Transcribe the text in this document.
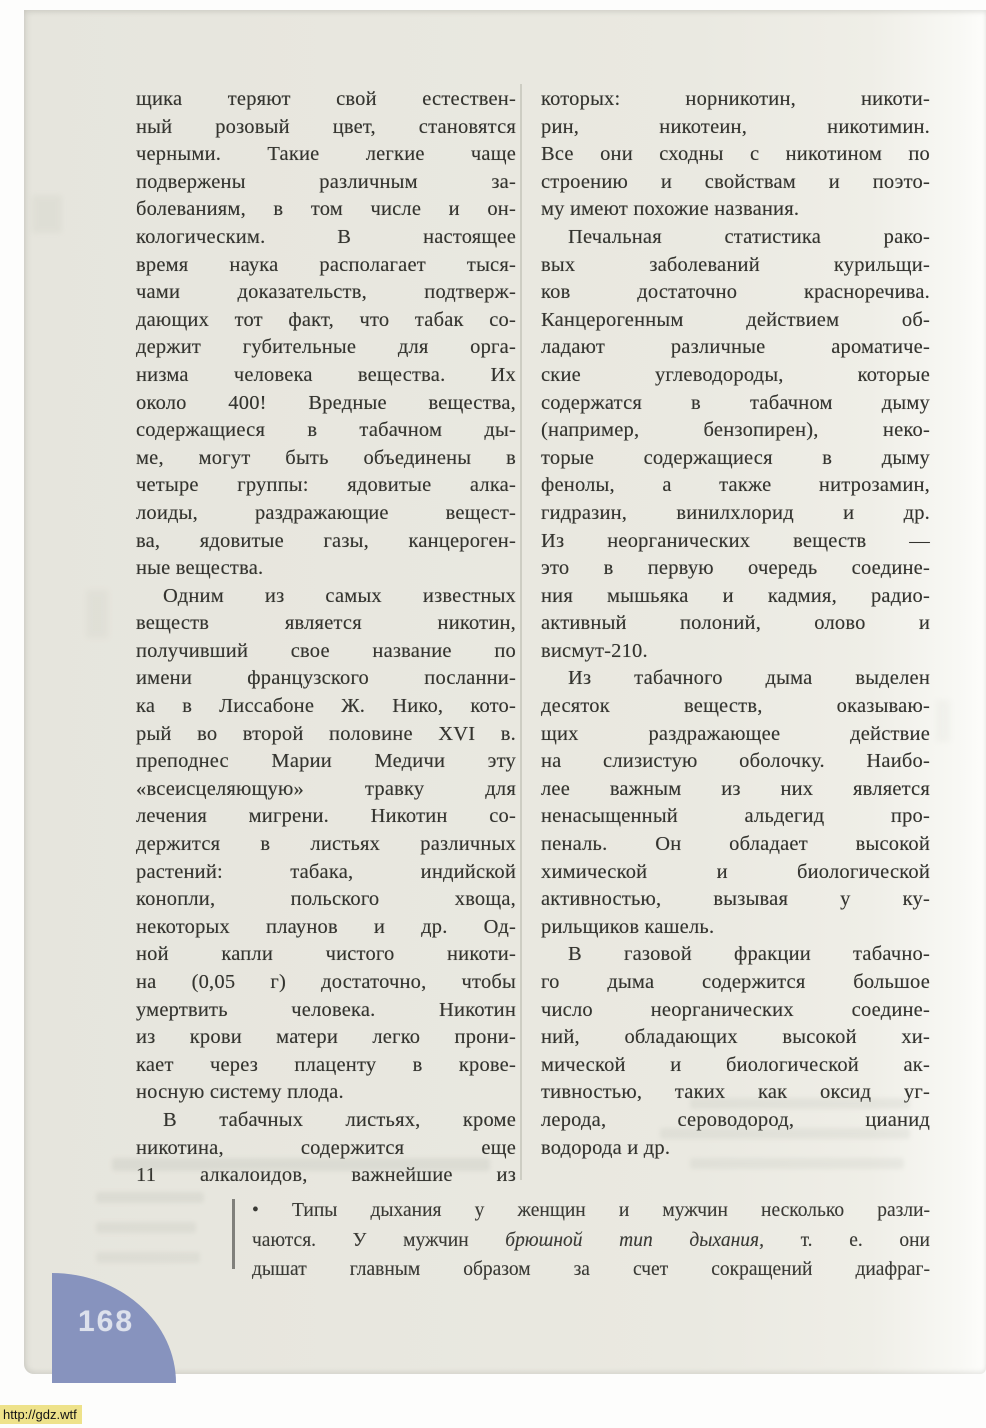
щика теряют свой естествен-
ный розовый цвет, становятся
черными. Такие легкие чаще
подвержены различным за-
болеваниям, в том числе и он-
кологическим. В настоящее
время наука располагает тыся-
чами доказательств, подтверж-
дающих тот факт, что табак со-
держит губительные для орга-
низма человека вещества. Их
около 400! Вредные вещества,
содержащиеся в табачном ды-
ме, могут быть объединены в
четыре группы: ядовитые алка-
лоиды, раздражающие вещест-
ва, ядовитые газы, канцероген-
ные вещества.
Одним из самых известных
веществ является никотин,
получивший свое название по
имени французского посланни-
ка в Лиссабоне Ж. Нико, кото-
рый во второй половине XVI в.
преподнес Марии Медичи эту
«всеисцеляющую» травку для
лечения мигрени. Никотин со-
держится в листьях различных
растений: табака, индийской
конопли, польского хвоща,
некоторых плаунов и др. Од-
ной капли чистого никоти-
на (0,05 г) достаточно, чтобы
умертвить человека. Никотин
из крови матери легко прони-
кает через плаценту в крове-
носную систему плода.
В табачных листьях, кроме
никотина, содержится еще
11 алкалоидов, важнейшие из
которых: норникотин, никоти-
рин, никотеин, никотимин.
Все они сходны с никотином по
строению и свойствам и поэто-
му имеют похожие названия.
Печальная статистика рако-
вых заболеваний курильщи-
ков достаточно красноречива.
Канцерогенным действием об-
ладают различные ароматиче-
ские углеводороды, которые
содержатся в табачном дыму
(например, бензопирен), неко-
торые содержащиеся в дыму
фенолы, а также нитрозамин,
гидразин, винилхлорид и др.
Из неорганических веществ —
это в первую очередь соедине-
ния мышьяка и кадмия, радио-
активный полоний, олово и
висмут-210.
Из табачного дыма выделен
десяток веществ, оказываю-
щих раздражающее действие
на слизистую оболочку. Наибо-
лее важным из них является
ненасыщенный альдегид про-
пеналь. Он обладает высокой
химической и биологической
активностью, вызывая у ку-
рильщиков кашель.
В газовой фракции табачно-
го дыма содержится большое
число неорганических соедине-
ний, обладающих высокой хи-
мической и биологической ак-
тивностью, таких как оксид уг-
лерода, сероводород, цианид
водорода и др.
• Типы дыхания у женщин и мужчин несколько разли-
чаются. У мужчин брюшной тип дыхания, т. е. они
дышат главным образом за счет сокращений диафраг-
168
http://gdz.wtf
